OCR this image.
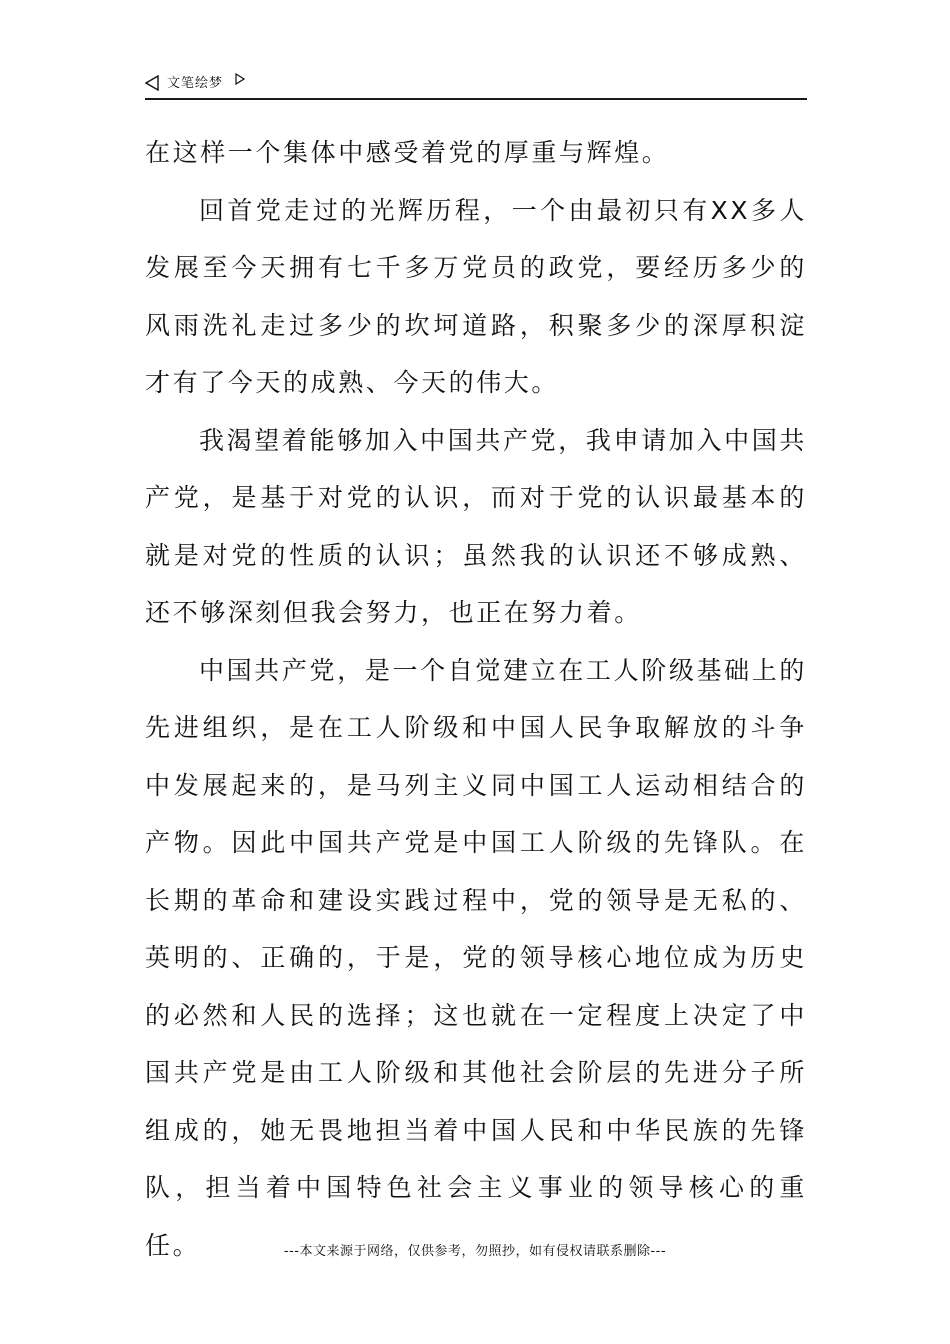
文笔绘梦

在这样一个集体中感受着党的厚重与辉煌。

回首党走过的光辉历程，一个由最初只有XX多人发展至今天拥有七千多万党员的政党，要经历多少的风雨洗礼走过多少的坎坷道路，积聚多少的深厚积淀才有了今天的成熟、今天的伟大。

我渴望着能够加入中国共产党，我申请加入中国共产党，是基于对党的认识，而对于党的认识最基本的就是对党的性质的认识；虽然我的认识还不够成熟、还不够深刻但我会努力，也正在努力着。

中国共产党，是一个自觉建立在工人阶级基础上的先进组织，是在工人阶级和中国人民争取解放的斗争中发展起来的，是马列主义同中国工人运动相结合的产物。因此中国共产党是中国工人阶级的先锋队。在长期的革命和建设实践过程中，党的领导是无私的、英明的、正确的，于是，党的领导核心地位成为历史的必然和人民的选择；这也就在一定程度上决定了中国共产党是由工人阶级和其他社会阶层的先进分子所组成的，她无畏地担当着中国人民和中华民族的先锋队，担当着中国特色社会主义事业的领导核心的重任。	---本文来源于网络，仅供参考，勿照抄，如有侵权请联系删除---
